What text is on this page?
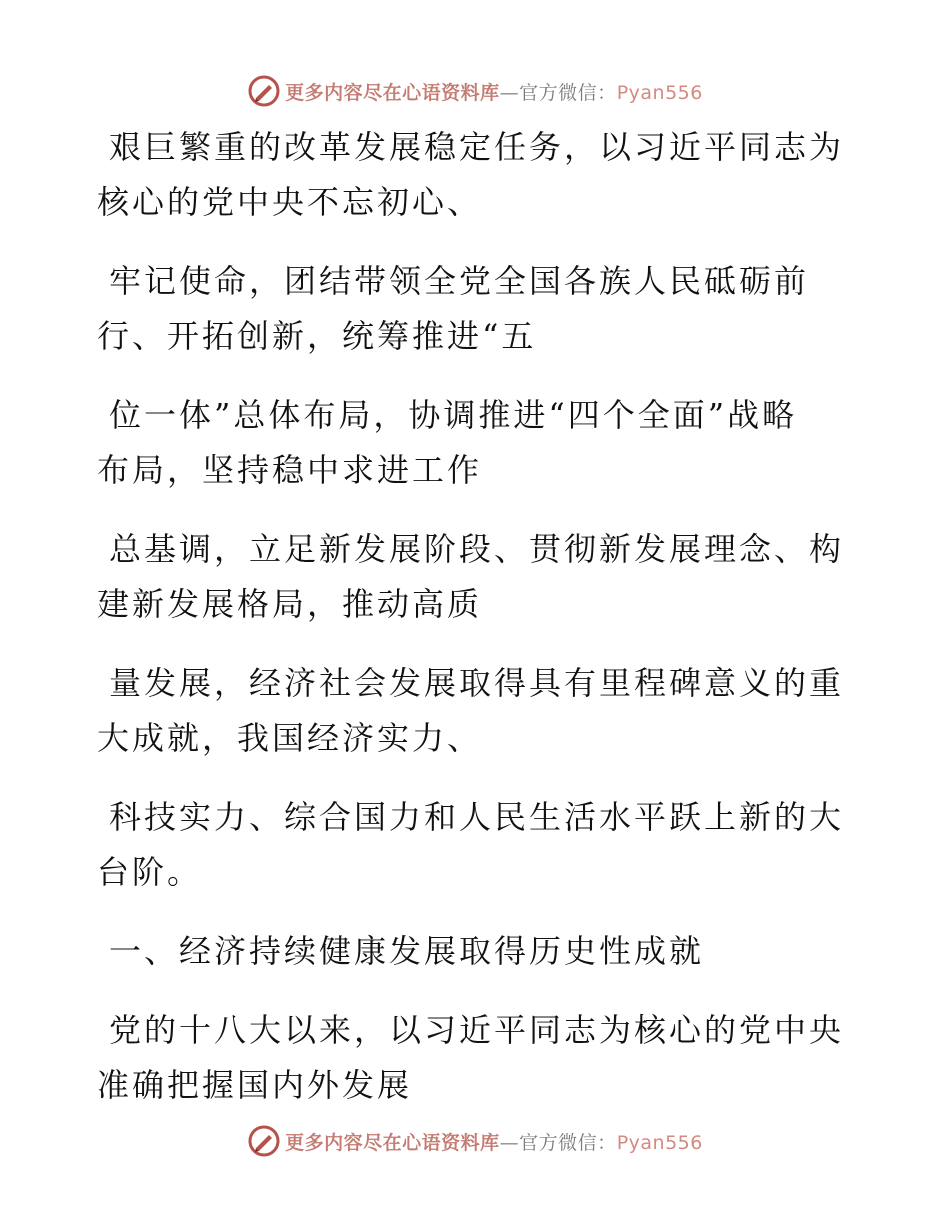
更多内容尽在心语资料库—官方微信：Pyan556

艰巨繁重的改革发展稳定任务，以习近平同志为
核心的党中央不忘初心、

牢记使命，团结带领全党全国各族人民砥砺前
行、开拓创新，统筹推进“五

位一体”总体布局，协调推进“四个全面”战略
布局，坚持稳中求进工作

总基调，立足新发展阶段、贯彻新发展理念、构
建新发展格局，推动高质

量发展，经济社会发展取得具有里程碑意义的重
大成就，我国经济实力、

科技实力、综合国力和人民生活水平跃上新的大
台阶。

一、经济持续健康发展取得历史性成就

党的十八大以来，以习近平同志为核心的党中央
准确把握国内外发展

更多内容尽在心语资料库—官方微信：Pyan556
